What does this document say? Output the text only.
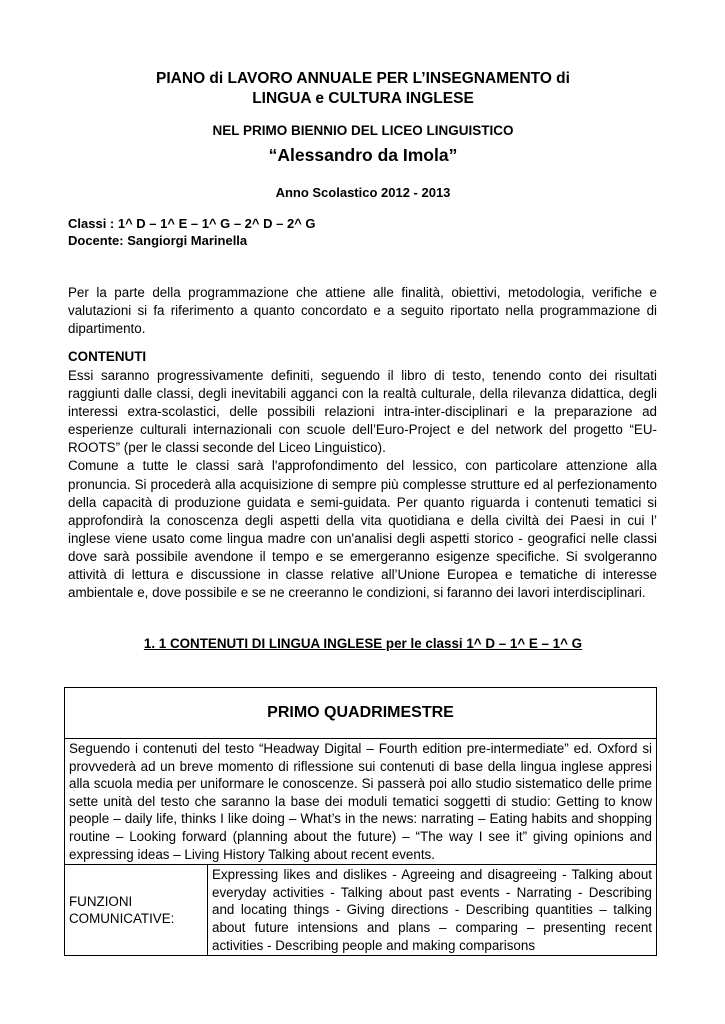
PIANO di LAVORO ANNUALE PER L’INSEGNAMENTO di
LINGUA e CULTURA INGLESE
NEL PRIMO BIENNIO DEL LICEO LINGUISTICO
“Alessandro da Imola”
Anno Scolastico 2012 - 2013
Classi : 1^ D – 1^ E – 1^ G – 2^ D – 2^ G
Docente: Sangiorgi Marinella
Per la parte della programmazione che attiene alle finalità, obiettivi, metodologia, verifiche e valutazioni si fa riferimento a quanto concordato e a seguito riportato nella programmazione di dipartimento.
CONTENUTI
Essi saranno progressivamente definiti, seguendo il libro di testo, tenendo conto dei risultati raggiunti dalle classi, degli inevitabili agganci con la realtà culturale, della rilevanza didattica, degli interessi extra-scolastici, delle possibili relazioni intra-inter-disciplinari e la preparazione ad esperienze culturali internazionali con scuole dell’Euro-Project e del network del progetto “EU-ROOTS” (per le classi seconde del Liceo Linguistico).
Comune a tutte le classi sarà l'approfondimento del lessico, con particolare attenzione alla pronuncia. Si procederà alla acquisizione di sempre più complesse strutture ed al perfezionamento della capacità di produzione guidata e semi-guidata. Per quanto riguarda i contenuti tematici si approfondirà la conoscenza degli aspetti della vita quotidiana e della civiltà dei Paesi in cui l’ inglese viene usato come lingua madre con un'analisi degli aspetti storico - geografici nelle classi dove sarà possibile avendone il tempo e se emergeranno esigenze specifiche. Si svolgeranno attività di lettura e discussione in classe relative all’Unione Europea e tematiche di interesse ambientale e, dove possibile e se ne creeranno le condizioni, si faranno dei lavori interdisciplinari.
1. 1 CONTENUTI DI LINGUA INGLESE per le classi 1^ D – 1^ E – 1^ G
PRIMO QUADRIMESTRE
Seguendo i contenuti del testo “Headway Digital – Fourth edition pre-intermediate” ed. Oxford si provvederà ad un breve momento di riflessione sui contenuti di base della lingua inglese appresi alla scuola media per uniformare le conoscenze. Si passerà poi allo studio sistematico delle prime sette unità del testo che saranno la base dei moduli tematici soggetti di studio: Getting to know people – daily life, thinks I like doing – What’s in the news: narrating – Eating habits and shopping routine – Looking forward (planning about the future) – “The way I see it” giving opinions and expressing ideas – Living History Talking about recent events.
FUNZIONI COMUNICATIVE:	Expressing likes and dislikes - Agreeing and disagreeing - Talking about everyday activities - Talking about past events - Narrating - Describing and locating things - Giving directions - Describing quantities – talking about future intensions and plans – comparing – presenting recent activities - Describing people and making comparisons
